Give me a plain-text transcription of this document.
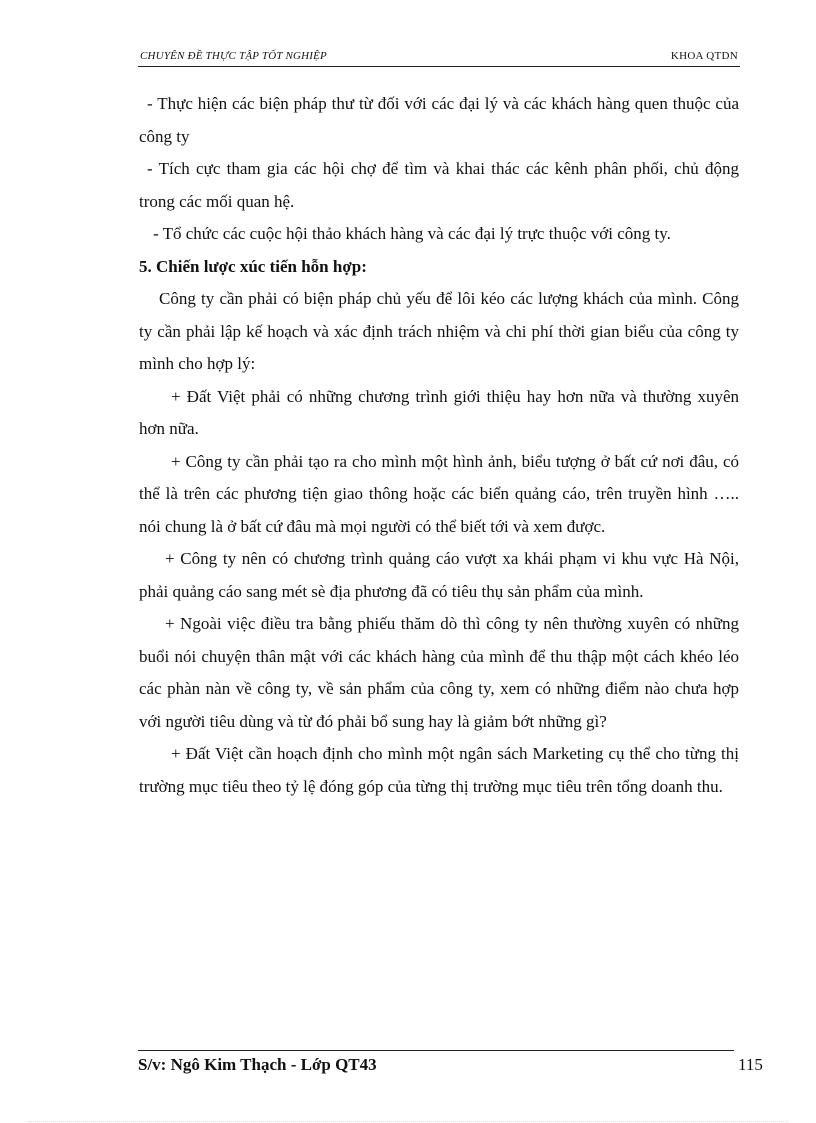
CHUYÊN ĐỀ THỰC TẬP TỐT NGHIỆP	KHOA QTDN

- Thực hiện các biện pháp thư từ đối với các đại lý và các khách hàng quen thuộc của công ty

- Tích cực tham gia các hội chợ để tìm và khai thác các kênh phân phối, chủ động trong các mối quan hệ.

- Tổ chức các cuộc hội thảo khách hàng và các đại lý trực thuộc với công ty.

5. Chiến lược xúc tiến hỗn hợp:

Công ty cần phải có biện pháp chủ yếu để lôi kéo các lượng khách của mình. Công ty cần phải lập kế hoạch và xác định trách nhiệm và chi phí thời gian biểu của công ty mình cho hợp lý:

+ Đất Việt phải có những chương trình giới thiệu hay hơn nữa và thường xuyên hơn nữa.

+ Công ty cần phải tạo ra cho mình một hình ảnh, biểu tượng ở bất cứ nơi đâu, có thể là trên các phương tiện giao thông hoặc các biển quảng cáo, trên truyền hình ….. nói chung là ở bất cứ đâu mà mọi người có thể biết tới và xem được.

+ Công ty nên có chương trình quảng cáo vượt xa khái phạm vi khu vực Hà Nội, phải quảng cáo sang mét sè địa phương đã có tiêu thụ sản phẩm của mình.

+ Ngoài việc điều tra bằng phiếu thăm dò thì công ty nên thường xuyên có những buổi nói chuyện thân mật với các khách hàng của mình để thu thập một cách khéo léo các phàn nàn về công ty, về sản phẩm của công ty, xem có những điểm nào chưa hợp với người tiêu dùng và từ đó phải bổ sung hay là giảm bớt những gì?

+ Đất Việt cần hoạch định cho mình một ngân sách Marketing cụ thể cho từng thị trường mục tiêu theo tỷ lệ đóng góp của từng thị trường mục tiêu trên tổng doanh thu.

S/v: Ngô Kim Thạch - Lớp QT43	115
